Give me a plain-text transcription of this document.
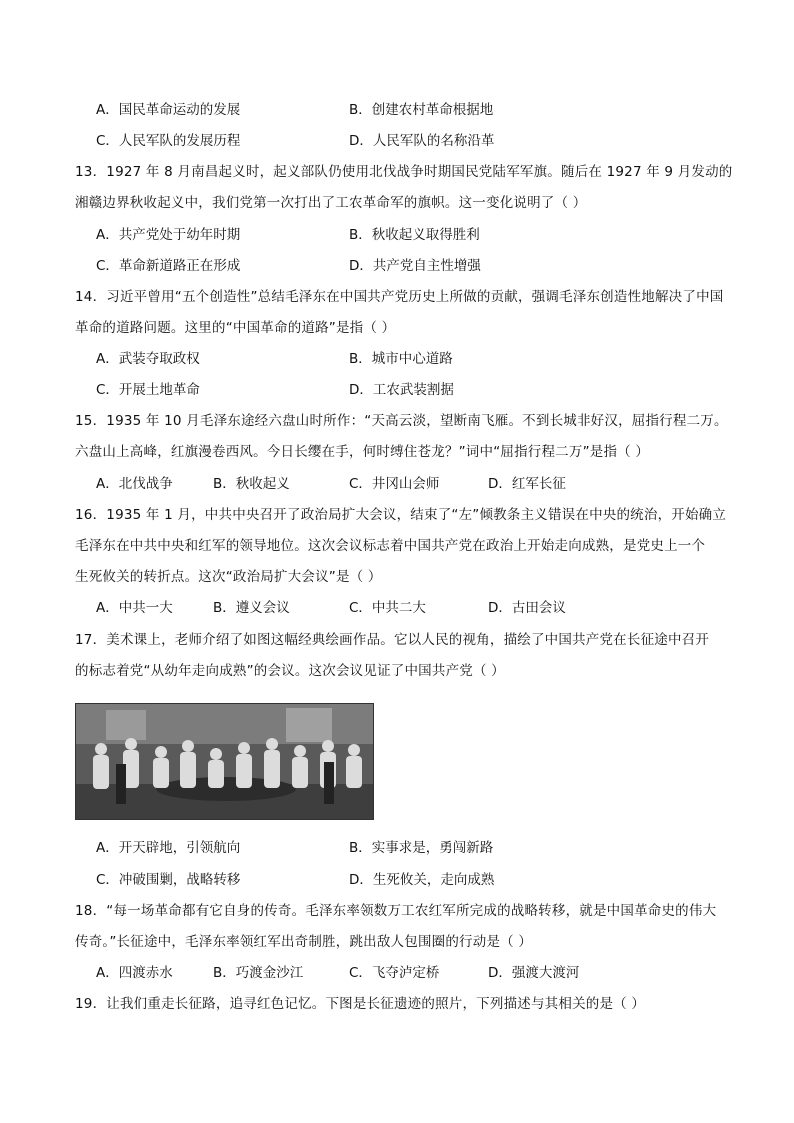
A．国民革命运动的发展	B．创建农村革命根据地
C．人民军队的发展历程	D．人民军队的名称沿革
13．1927 年 8 月南昌起义时，起义部队仍使用北伐战争时期国民党陆军军旗。随后在 1927 年 9 月发动的
湘赣边界秋收起义中，我们党第一次打出了工农革命军的旗帜。这一变化说明了（ ）
A．共产党处于幼年时期	B．秋收起义取得胜利
C．革命新道路正在形成	D．共产党自主性增强
14．习近平曾用“五个创造性”总结毛泽东在中国共产党历史上所做的贡献，强调毛泽东创造性地解决了中国
革命的道路问题。这里的“中国革命的道路”是指（ ）
A．武装夺取政权	B．城市中心道路
C．开展土地革命	D．工农武装割据
15．1935 年 10 月毛泽东途经六盘山时所作：“天高云淡，望断南飞雁。不到长城非好汉，屈指行程二万。
六盘山上高峰，红旗漫卷西风。今日长缨在手，何时缚住苍龙？”词中“屈指行程二万”是指（ ）
A．北伐战争	B．秋收起义	C．井冈山会师	D．红军长征
16．1935 年 1 月，中共中央召开了政治局扩大会议，结束了“左”倾教条主义错误在中央的统治，开始确立
毛泽东在中共中央和红军的领导地位。这次会议标志着中国共产党在政治上开始走向成熟，是党史上一个
生死攸关的转折点。这次“政治局扩大会议”是（ ）
A．中共一大	B．遵义会议	C．中共二大	D．古田会议
17．美术课上，老师介绍了如图这幅经典绘画作品。它以人民的视角，描绘了中国共产党在长征途中召开
的标志着党“从幼年走向成熟”的会议。这次会议见证了中国共产党（ ）
A．开天辟地，引领航向	B．实事求是，勇闯新路
C．冲破围剿，战略转移	D．生死攸关，走向成熟
18．“每一场革命都有它自身的传奇。毛泽东率领数万工农红军所完成的战略转移，就是中国革命史的伟大
传奇。”长征途中，毛泽东率领红军出奇制胜，跳出敌人包围圈的行动是（ ）
A．四渡赤水	B．巧渡金沙江	C．飞夺泸定桥	D．强渡大渡河
19．让我们重走长征路，追寻红色记忆。下图是长征遗迹的照片，下列描述与其相关的是（ ）
